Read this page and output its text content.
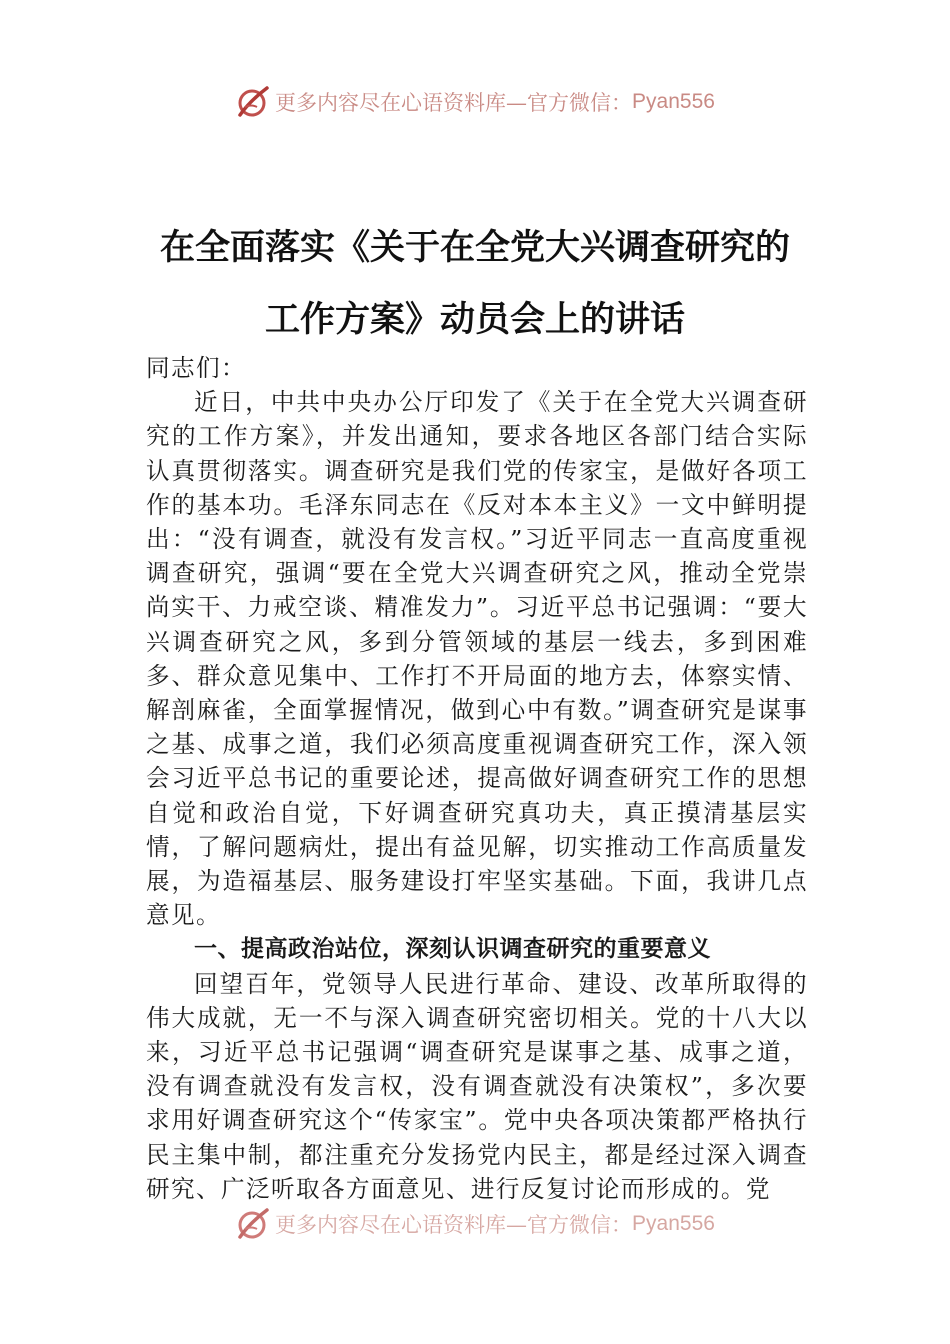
更多内容尽在心语资料库—官方微信： Pyan556
在全面落实《关于在全党大兴调查研究的
工作方案》动员会上的讲话

同志们：

近日，中共中央办公厅印发了《关于在全党大兴调查研究的工作方案》，并发出通知，要求各地区各部门结合实际认真贯彻落实。调查研究是我们党的传家宝，是做好各项工作的基本功。毛泽东同志在《反对本本主义》一文中鲜明提出：“没有调查，就没有发言权。”习近平同志一直高度重视调查研究，强调“要在全党大兴调查研究之风，推动全党崇尚实干、力戒空谈、精准发力”。习近平总书记强调：“要大兴调查研究之风，多到分管领域的基层一线去，多到困难多、群众意见集中、工作打不开局面的地方去，体察实情、解剖麻雀，全面掌握情况，做到心中有数。”调查研究是谋事之基、成事之道，我们必须高度重视调查研究工作，深入领会习近平总书记的重要论述，提高做好调查研究工作的思想自觉和政治自觉，下好调查研究真功夫，真正摸清基层实情，了解问题病灶，提出有益见解，切实推动工作高质量发展，为造福基层、服务建设打牢坚实基础。下面，我讲几点意见。

一、提高政治站位，深刻认识调查研究的重要意义

回望百年，党领导人民进行革命、建设、改革所取得的伟大成就，无一不与深入调查研究密切相关。党的十八大以来，习近平总书记强调“调查研究是谋事之基、成事之道，没有调查就没有发言权，没有调查就没有决策权”，多次要求用好调查研究这个“传家宝”。党中央各项决策都严格执行民主集中制，都注重充分发扬党内民主，都是经过深入调查研究、广泛听取各方面意见、进行反复讨论而形成的。党

更多内容尽在心语资料库—官方微信： Pyan556
